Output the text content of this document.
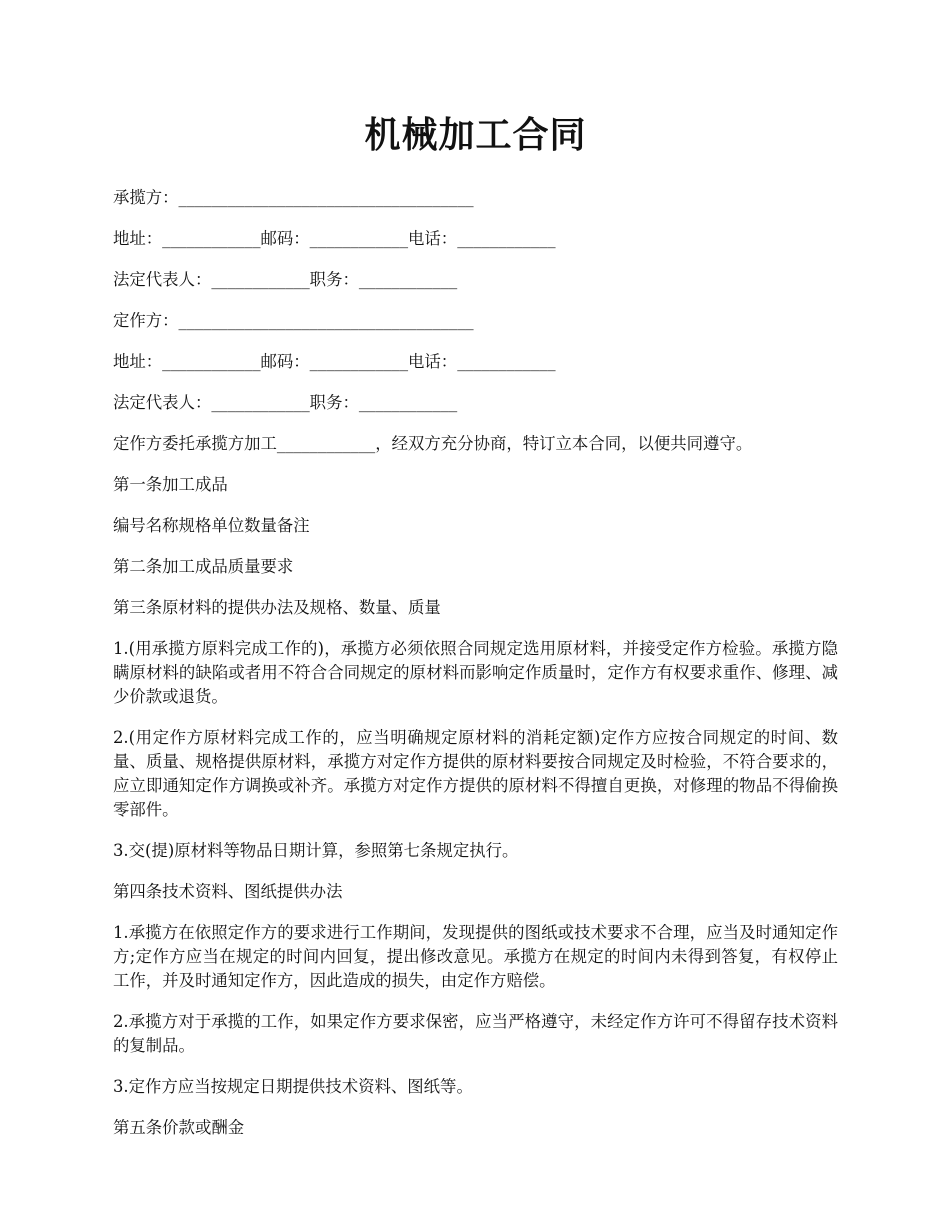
机械加工合同

承揽方：____________________________________

地址：____________邮码：____________电话：____________

法定代表人：____________职务：____________

定作方：____________________________________

地址：____________邮码：____________电话：____________

法定代表人：____________职务：____________

定作方委托承揽方加工____________，经双方充分协商，特订立本合同，以便共同遵守。

第一条加工成品

编号名称规格单位数量备注

第二条加工成品质量要求

第三条原材料的提供办法及规格、数量、质量

1.(用承揽方原料完成工作的)，承揽方必须依照合同规定选用原材料，并接受定作方检验。承揽方隐瞒原材料的缺陷或者用不符合合同规定的原材料而影响定作质量时，定作方有权要求重作、修理、减少价款或退货。

2.(用定作方原材料完成工作的，应当明确规定原材料的消耗定额)定作方应按合同规定的时间、数量、质量、规格提供原材料，承揽方对定作方提供的原材料要按合同规定及时检验，不符合要求的，应立即通知定作方调换或补齐。承揽方对定作方提供的原材料不得擅自更换，对修理的物品不得偷换零部件。

3.交(提)原材料等物品日期计算，参照第七条规定执行。

第四条技术资料、图纸提供办法

1.承揽方在依照定作方的要求进行工作期间，发现提供的图纸或技术要求不合理，应当及时通知定作方;定作方应当在规定的时间内回复，提出修改意见。承揽方在规定的时间内未得到答复，有权停止工作，并及时通知定作方，因此造成的损失，由定作方赔偿。

2.承揽方对于承揽的工作，如果定作方要求保密，应当严格遵守，未经定作方许可不得留存技术资料的复制品。

3.定作方应当按规定日期提供技术资料、图纸等。

第五条价款或酬金
